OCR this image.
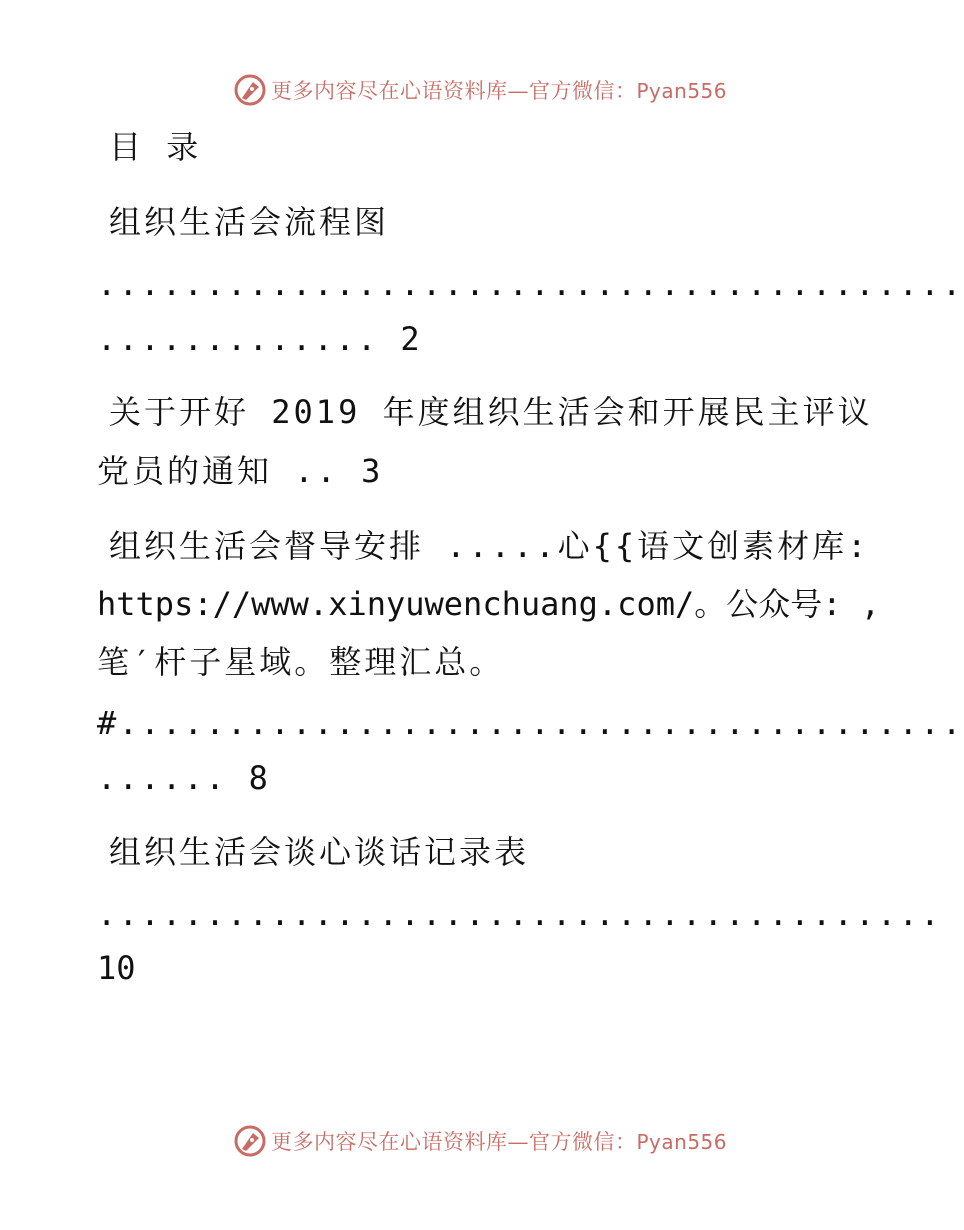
更多内容尽在心语资料库—官方微信：Pyan556
目 录
组织生活会流程图
........................................
............. 2
关于开好 2019 年度组织生活会和开展民主评议
党员的通知 .. 3
组织生活会督导安排 .....心{{语文创素材库:
https://www.xinyuwenchuang.com/。公众号: ,
笔′杆子星域。整理汇总。
#.......................................
...... 8
组织生活会谈心谈话记录表
.......................................
10
更多内容尽在心语资料库—官方微信：Pyan556
